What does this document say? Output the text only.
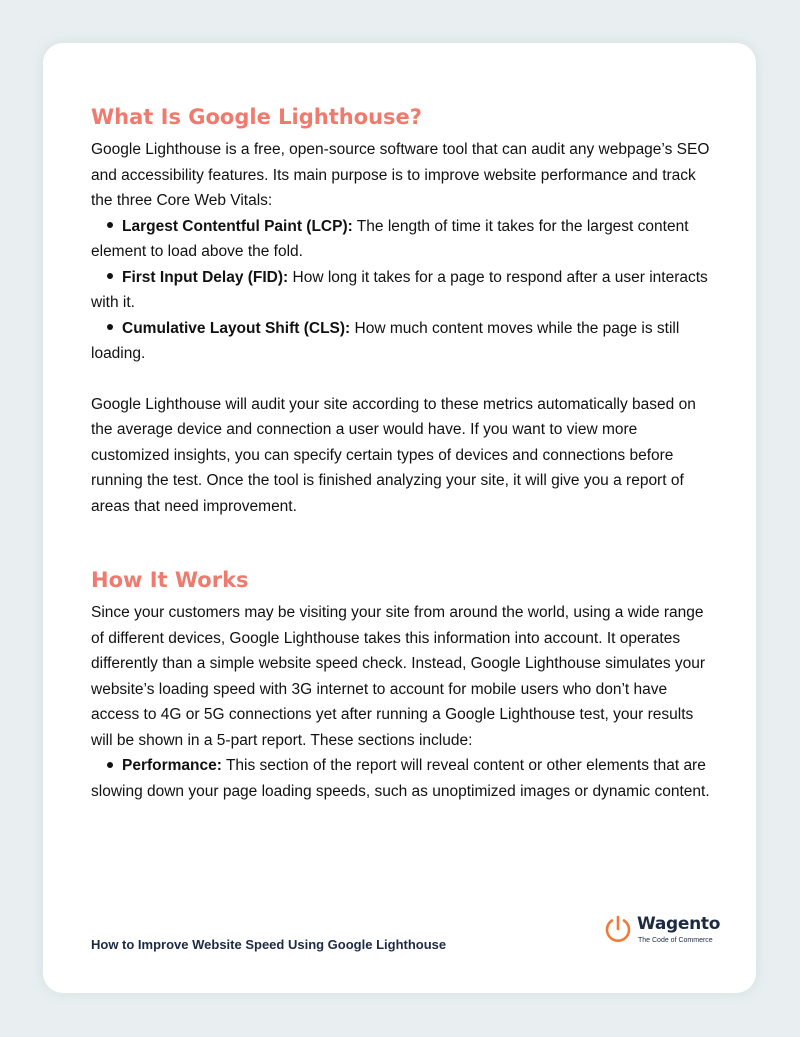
What Is Google Lighthouse?

Google Lighthouse is a free, open-source software tool that can audit any webpage’s SEO and accessibility features. Its main purpose is to improve website performance and track the three Core Web Vitals:

Largest Contentful Paint (LCP): The length of time it takes for the largest content element to load above the fold.
First Input Delay (FID): How long it takes for a page to respond after a user interacts with it.
Cumulative Layout Shift (CLS): How much content moves while the page is still loading.

Google Lighthouse will audit your site according to these metrics automatically based on the average device and connection a user would have. If you want to view more customized insights, you can specify certain types of devices and connections before running the test. Once the tool is finished analyzing your site, it will give you a report of areas that need improvement.

How It Works

Since your customers may be visiting your site from around the world, using a wide range of different devices, Google Lighthouse takes this information into account. It operates differently than a simple website speed check. Instead, Google Lighthouse simulates your website’s loading speed with 3G internet to account for mobile users who don’t have access to 4G or 5G connections yet after running a Google Lighthouse test, your results will be shown in a 5-part report. These sections include:

Performance: This section of the report will reveal content or other elements that are slowing down your page loading speeds, such as unoptimized images or dynamic content.
How to Improve Website Speed Using Google Lighthouse
Wagento
The Code of Commerce
